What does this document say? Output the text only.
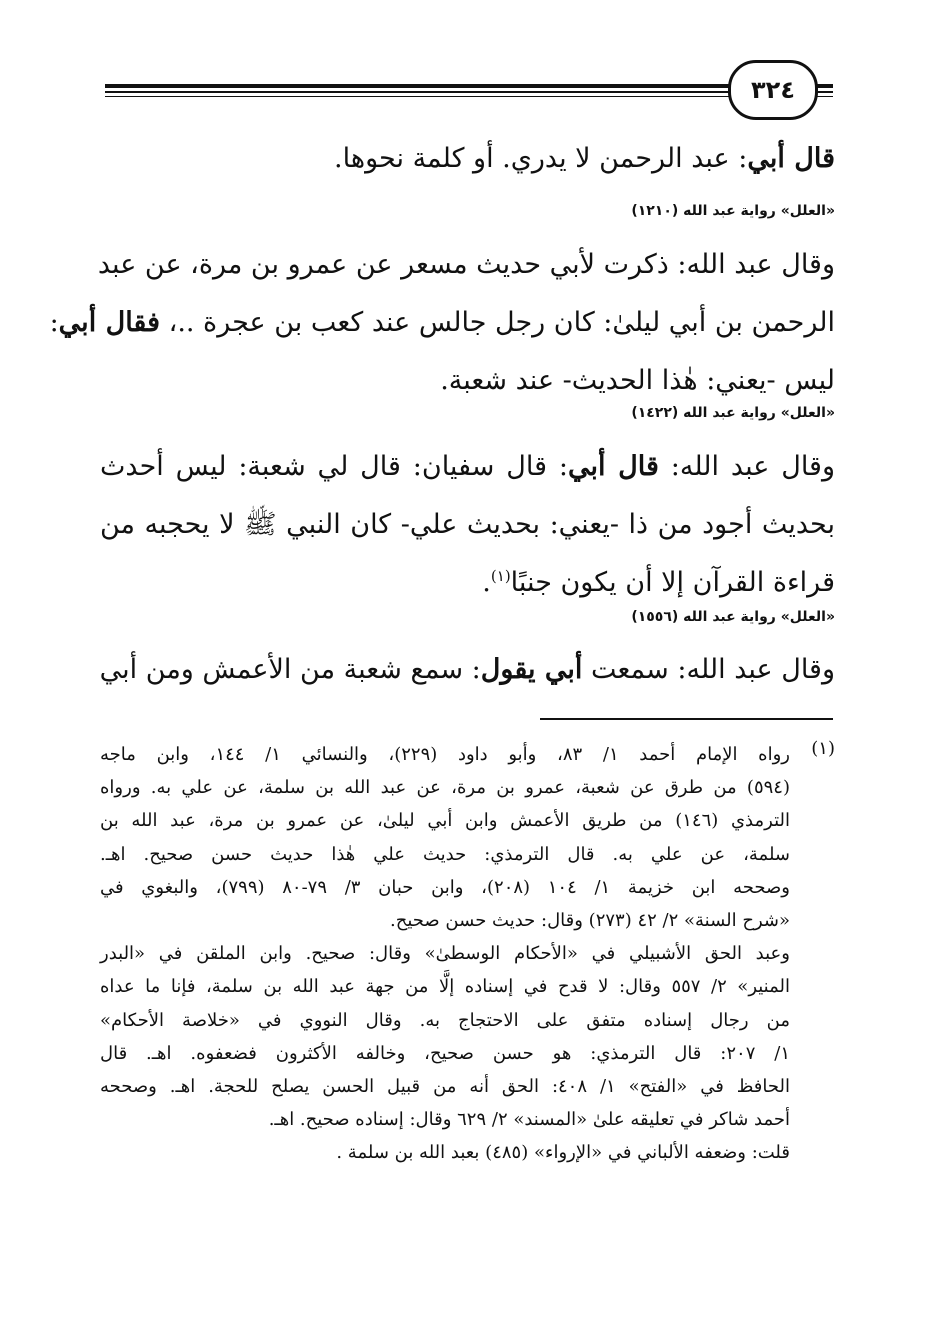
٣٢٤
قال أبي: عبد الرحمن لا يدري. أو كلمة نحوها.
«العلل» رواية عبد الله (١٢١٠)
وقال عبد الله: ذكرت لأبي حديث مسعر عن عمرو بن مرة، عن عبد
الرحمن بن أبي ليلىٰ: كان رجل جالس عند كعب بن عجرة ..، فقال أبي:
ليس -يعني: هٰذا الحديث- عند شعبة.
«العلل» رواية عبد الله (١٤٢٢)
وقال عبد الله: قال أبي: قال سفيان: قال لي شعبة: ليس أحدث
بحديث أجود من ذا -يعني: بحديث علي- كان النبي ﷺ لا يحجبه من
قراءة القرآن إلا أن يكون جنبًا$^{(١)}$.
«العلل» رواية عبد الله (١٥٥٦)
وقال عبد الله: سمعت أبي يقول: سمع شعبة من الأعمش ومن أبي
(١)
رواه الإمام أحمد ١/ ٨٣، وأبو داود (٢٢٩)، والنسائي ١/ ١٤٤، وابن ماجه
(٥٩٤) من طرق عن شعبة، عمرو بن مرة، عن عبد الله بن سلمة، عن علي به. ورواه
الترمذي (١٤٦) من طريق الأعمش وابن أبي ليلىٰ، عن عمرو بن مرة، عبد الله بن
سلمة، عن علي به. قال الترمذي: حديث علي هٰذا حديث حسن صحيح. اهـ.
وصححه ابن خزيمة ١/ ١٠٤ (٢٠٨)، وابن حبان ٣/ ٧٩-٨٠ (٧٩٩)، والبغوي في
«شرح السنة» ٢/ ٤٢ (٢٧٣) وقال: حديث حسن صحيح.
وعبد الحق الأشبيلي في «الأحكام الوسطىٰ» وقال: صحيح. وابن الملقن في «البدر
المنير» ٢/ ٥٥٧ وقال: لا قدح في إسناده إلَّا من جهة عبد الله بن سلمة، فإنا ما عداه
من رجال إسناده متفق على الاحتجاج به. وقال النووي في «خلاصة الأحكام»
١/ ٢٠٧: قال الترمذي: هو حسن صحيح، وخالفه الأكثرون فضعفوه. اهـ. قال
الحافظ في «الفتح» ١/ ٤٠٨: الحق أنه من قبيل الحسن يصلح للحجة. اهـ. وصححه
أحمد شاكر في تعليقه علىٰ «المسند» ٢/ ٦٢٩ وقال: إسناده صحيح. اهـ.
قلت: وضعفه الألباني في «الإرواء» (٤٨٥) بعبد الله بن سلمة .
